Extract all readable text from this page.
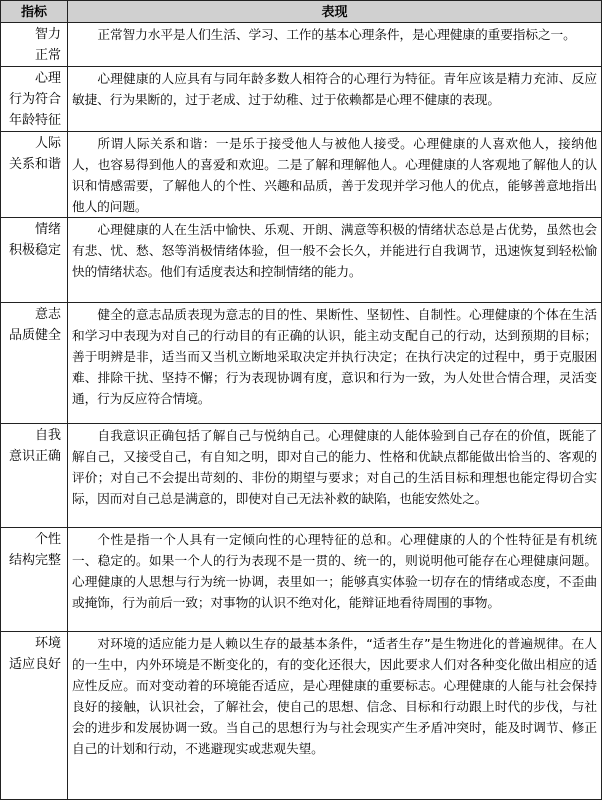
指标	表现

智力
正常	正常智力水平是人们生活、学习、工作的基本心理条件，是心理健康的重要指标之一。

心理
行为符合
年龄特征	心理健康的人应具有与同年龄多数人相符合的心理行为特征。青年应该是精力充沛、反应敏捷、行为果断的，过于老成、过于幼稚、过于依赖都是心理不健康的表现。

人际
关系和谐	所谓人际关系和谐：一是乐于接受他人与被他人接受。心理健康的人喜欢他人，接纳他人，也容易得到他人的喜爱和欢迎。二是了解和理解他人。心理健康的人客观地了解他人的认识和情感需要，了解他人的个性、兴趣和品质，善于发现并学习他人的优点，能够善意地指出他人的问题。

情绪
积极稳定	心理健康的人在生活中愉快、乐观、开朗、满意等积极的情绪状态总是占优势，虽然也会有悲、忧、愁、怒等消极情绪体验，但一般不会长久，并能进行自我调节，迅速恢复到轻松愉快的情绪状态。他们有适度表达和控制情绪的能力。

意志
品质健全	健全的意志品质表现为意志的目的性、果断性、坚韧性、自制性。心理健康的个体在生活和学习中表现为对自己的行动目的有正确的认识，能主动支配自己的行动，达到预期的目标；善于明辨是非，适当而又当机立断地采取决定并执行决定；在执行决定的过程中，勇于克服困难、排除干扰、坚持不懈；行为表现协调有度，意识和行为一致，为人处世合情合理，灵活变通，行为反应符合情境。

自我
意识正确	自我意识正确包括了解自己与悦纳自己。心理健康的人能体验到自己存在的价值，既能了解自己，又接受自己，有自知之明，即对自己的能力、性格和优缺点都能做出恰当的、客观的评价；对自己不会提出苛刻的、非份的期望与要求；对自己的生活目标和理想也能定得切合实际，因而对自己总是满意的，即使对自己无法补救的缺陷，也能安然处之。

个性
结构完整	个性是指一个人具有一定倾向性的心理特征的总和。心理健康的人的个性特征是有机统一、稳定的。如果一个人的行为表现不是一贯的、统一的，则说明他可能存在心理健康问题。心理健康的人思想与行为统一协调，表里如一；能够真实体验一切存在的情绪或态度，不歪曲或掩饰，行为前后一致；对事物的认识不绝对化，能辩证地看待周围的事物。

环境
适应良好	对环境的适应能力是人赖以生存的最基本条件，“适者生存”是生物进化的普遍规律。在人的一生中，内外环境是不断变化的，有的变化还很大，因此要求人们对各种变化做出相应的适应性反应。而对变动着的环境能否适应，是心理健康的重要标志。心理健康的人能与社会保持良好的接触，认识社会，了解社会，使自己的思想、信念、目标和行动跟上时代的步伐，与社会的进步和发展协调一致。当自己的思想行为与社会现实产生矛盾冲突时，能及时调节、修正自己的计划和行动，不逃避现实或悲观失望。
